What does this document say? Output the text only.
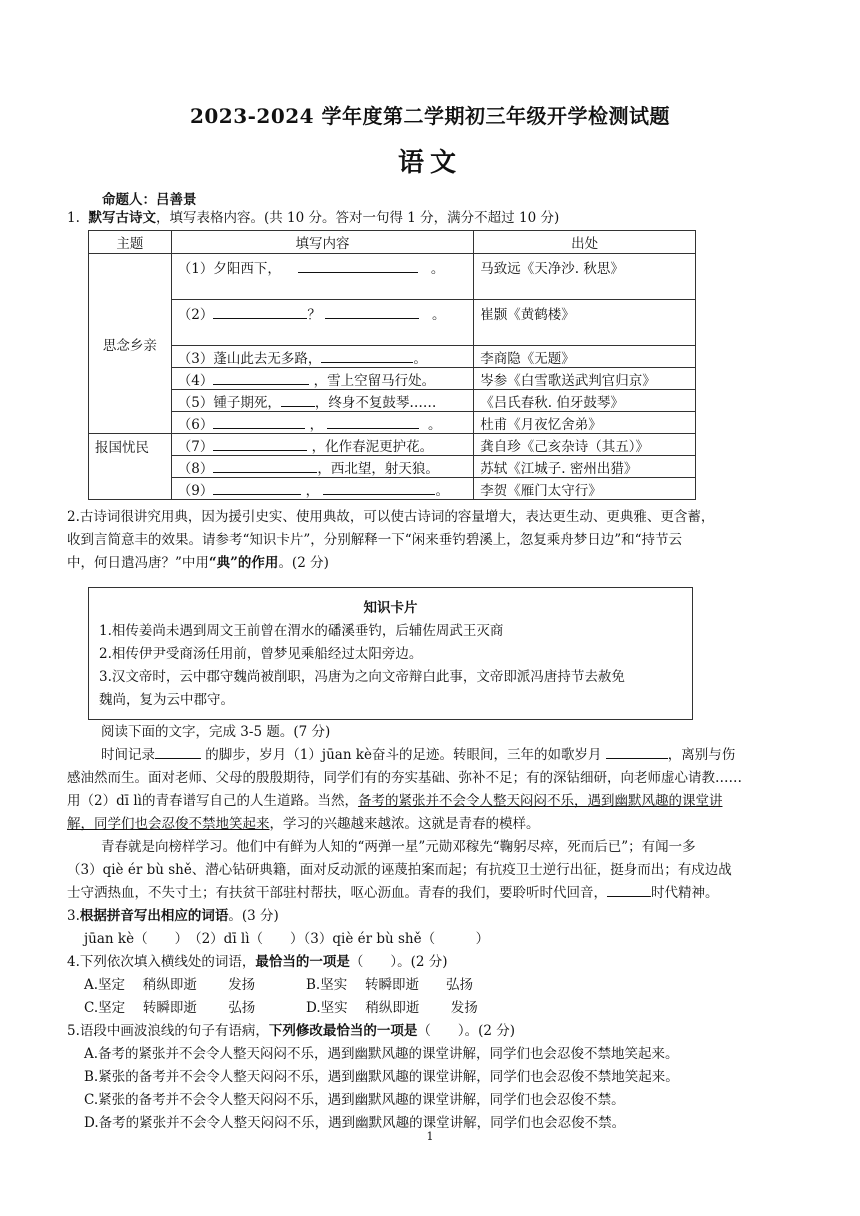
2023-2024 学年度第二学期初三年级开学检测试题
语文
命题人：吕善景
1. 默写古诗文，填写表格内容。(共 10 分。答对一句得 1 分，满分不超过 10 分)
主题	填写内容	出处
思念乡亲	（1）夕阳西下， 。	马致远《天净沙. 秋思》
	（2） ？ 。	崔颢《黄鹤楼》
	（3）蓬山此去无多路， 。	李商隐《无题》
	（4） ，雪上空留马行处。	岑参《白雪歌送武判官归京》
	（5）锺子期死， ，终身不复鼓琴……	《吕氏春秋. 伯牙鼓琴》
	（6） ， 。	杜甫《月夜忆舍弟》
报国忧民	（7） ，化作春泥更护花。	龚自珍《己亥杂诗（其五）》
	（8） ，西北望，射天狼。	苏轼《江城子. 密州出猎》
	（9） ， 。	李贺《雁门太守行》
2.古诗词很讲究用典，因为援引史实、使用典故，可以使古诗词的容量增大，表达更生动、更典雅、更含蓄，
收到言简意丰的效果。请参考“知识卡片”，分别解释一下“闲来垂钓碧溪上，忽复乘舟梦日边”和“持节云
中，何日遣冯唐？”中用“典”的作用。(2 分)
知识卡片
1.相传姜尚未遇到周文王前曾在渭水的磻溪垂钓，后辅佐周武王灭商
2.相传伊尹受商汤任用前，曾梦见乘船经过太阳旁边。
3.汉文帝时，云中郡守魏尚被削职，冯唐为之向文帝辩白此事，文帝即派冯唐持节去赦免
魏尚，复为云中郡守。
阅读下面的文字，完成 3-5 题。(7 分)
时间记录	的脚步，岁月（1）jūan kè奋斗的足迹。转眼间，三年的如歌岁月	，离别与伤
感油然而生。面对老师、父母的殷殷期待，同学们有的夯实基础、弥补不足；有的深钻细研，向老师虚心请教……
用（2）dī lì的青春谱写自己的人生道路。当然，备考的紧张并不会令人整天闷闷不乐，遇到幽默风趣的课堂讲
解，同学们也会忍俊不禁地笑起来，学习的兴趣越来越浓。这就是青春的模样。
青春就是向榜样学习。他们中有鲜为人知的“两弹一星”元勋邓稼先“鞠躬尽瘁，死而后已”；有闻一多
（3）qiè ér bù shě、潜心钻研典籍，面对反动派的诬蔑拍案而起；有抗疫卫士逆行出征，挺身而出；有戍边战
士守洒热血，不失寸土；有扶贫干部驻村帮扶，呕心沥血。青春的我们，要聆听时代回音，	时代精神。
3.根据拼音写出相应的词语。(3 分)
jūan kè（　　）　（2）dī lì（　　）（3）qiè ér bù shě（　　　）
4.下列依次填入横线处的词语，最恰当的一项是（　　）。(2 分)
A.坚定　 稍纵即逝　　 发扬	B.坚实　 转瞬即逝　　弘扬
C.坚定　 转瞬即逝　　 弘扬	D.坚实　 稍纵即逝　　 发扬
5.语段中画波浪线的句子有语病，下列修改最恰当的一项是（　　）。(2 分)
A.备考的紧张并不会令人整天闷闷不乐，遇到幽默风趣的课堂讲解，同学们也会忍俊不禁地笑起来。
B.紧张的备考并不会令人整天闷闷不乐，遇到幽默风趣的课堂讲解，同学们也会忍俊不禁地笑起来。
C.紧张的备考并不会令人整天闷闷不乐，遇到幽默风趣的课堂讲解，同学们也会忍俊不禁。
D.备考的紧张并不会令人整天闷闷不乐，遇到幽默风趣的课堂讲解，同学们也会忍俊不禁。
1
